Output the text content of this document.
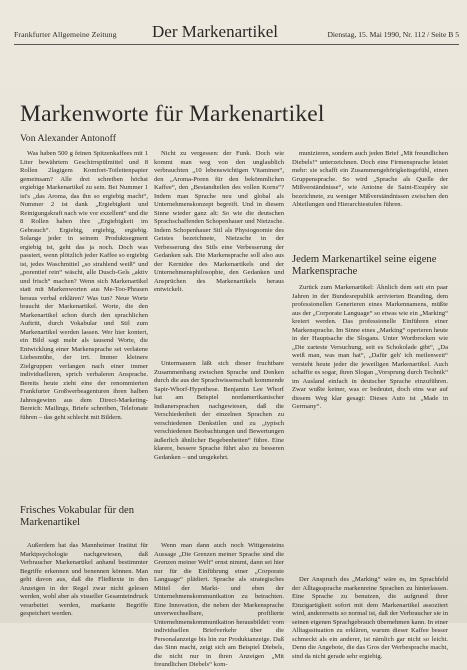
Frankfurter Allgemeine Zeitung Der Markenartikel	Dienstag, 15. Mai 1990, Nr. 112 / Seite B 5
Markenworte für Markenartikel
Von Alexander Antonoff

Was haben 500 g feinen Spitzenkaffees mit 1 Liter bewährtem Geschirrspülmittel und 8 Rollen 2lagigem Komfort-Toilettenpapier gemeinsam? Alle drei schreiben höchst ergiebige Markenartikel zu sein. Bei Nummer 1 ist's „das Aroma, das ihn so ergiebig macht“, Nummer 2 ist dank „Ergiebigkeit und Reinigungskraft nach wie vor exzellent“ und die 8 Rollen haben ihre „Ergiebigkeit im Gebrauch“. Ergiebig, ergiebig, ergiebig. Solange jeder in seinem Produktsegment ergiebig ist, geht das ja noch. Doch was passiert, wenn plötzlich jeder Kaffee so ergiebig ist, jedes Waschmittel „so strahlend weiß“ und „porentief rein“ wäscht, alle Dusch-Gels „aktiv und frisch“ machen? Wenn sich Markenartikel statt mit Markenworten aus Me-Too-Phrasen heraus verbal erklären? Was tun? Neue Worte braucht der Markenartikel. Worte, die den Markenartikel schon durch den sprachlichen Auftritt, durch Vokabular und Stil zum Markenartikel werden lassen. Wer hier kontert, ein Bild sagt mehr als tausend Worte, die Entwicklung einer Markensprache sei verlatene Liebesmühe, der irrt. Immer kleinere Zielgruppen verlangen nach einer immer individuelleren, sprich verbaleren Ansprache. Bereits heute zieht eine der renommierten Frankfurter Großwerbeagenturen ihren halben Jahresgewinn aus dem Direct-Marketing-Bereich: Mailings, Briefe schreiben, Telefonate führen – das geht schlecht mit Bildern.

Frisches Vokabular für den Markenartikel

Außerdem hat das Mannheimer Institut für Marktpsychologie nachgewiesen, daß Verbraucher Markenartikel anhand bestimmter Begriffe erkennen und benennen können. Man geht davon aus, daß die Fließtexte in den Anzeigen in der Regel zwar nicht gelesen werden, wohl aber als visueller Gesamteindruck verarbeitet werden, markante Begriffe gespeichert werden.

Nicht zu vergessen: der Funk. Doch wie kommt man weg von den unglaublich verbrauchten „10 lebenswichtigen Vitaminen“, den „Aroma-Poren für den bekömmlichen Kaffee“, den „Bestandteilen des vollen Korns“? Indem man Sprache neu und global als Unternehmenskonzept begreift. Und in diesem Sinne wieder ganz alt: So wie die deutschen Sprachschaffenden Schopenhauer und Nietzsche. Indem Schopenhauer Stil als Physiognomie des Geistes bezeichnete, Nietzsche in der Verbesserung des Stils eine Verbesserung der Gedanken sah. Die Markensprache soll also aus der Kernidee des Markenartikels und der Unternehmensphilosophie, den Gedanken und Ansprüchen des Markenartikels heraus entwickelt.

Untermauern läßt sich dieser fruchtbare Zusammenhang zwischen Sprache und Denken durch die aus der Sprachwissenschaft kommende Sapir-Whorf-Hypothese. Benjamin Lee Whorf hat am Beispiel nordamerikanischer Indianersprachen nachgewiesen, daß die Verschiedenheit der einzelnen Sprachen zu verschiedenen Denkstilen und zu „typisch verschiedenen Beobachtungen und Bewertungen äußerlich ähnlicher Begebenheiten“ führe. Eine klarere, bessere Sprache führt also zu besseren Gedanken – und umgekehrt.

Wenn man dann auch noch Wittgensteins Aussage „Die Grenzen meiner Sprache sind die Grenzen meiner Welt“ ernst nimmt, dann sei hier nur für die Einführung einer „Corporate Language“ plädiert. Sprache als strategisches Mittel der Markt- und eben der Unternehmenskommunikation zu betrachten. Eine Innovation, die neben der Markensprache unverwechselbare, profilierte Unternehmenskommunikation herausbildet: vom individuellen Briefverkehr über die Personalanzeige bis hin zur Produktanzeige. Daß das Sinn macht, zeigt sich am Beispiel Diebels, die nicht nur in ihren Anzeigen „Mit freundlichen Diebels“ kom-

munizieren, sondern auch jeden Brief „Mit freundlichen Diebels!“ unterzeichnen. Doch eine Firmensprache leistet mehr: sie schafft ein Zusammengehörigkeitsgefühl, einen Gruppensprache. So wird „Sprache als Quelle der Mißverständnisse“, wie Antoine de Saint-Exupéry sie bezeichnete, zu weniger Mißverständnissen zwischen den Abteilungen und Hierarchiestufen führen.

Jedem Markenartikel seine eigene Markensprache

Zurück zum Markenartikel: Ähnlich dem seit ein paar Jahren in der Bundesrepublik arrivierten Branding, dem professionellen Generieren eines Markennamens, müßte aus der „Corporate Language“ so etwas wie ein „Marking“ kreiert werden. Das professionelle Einführen einer Markensprache. Im Sinne eines „Marking“ operieren heute in der Hauptsache die Slogans. Unter Wortbrocken wie „Die zarteste Versuchung, seit es Schokolade gibt“, „Da weiß man, was man hat“, „Dafür geh' ich meilenweit“ versteht heute jeder die jeweiligen Markenartikel. Auch schaffte es sogar, ihren Slogan „Vorsprung durch Technik“ im Ausland einfach in deutscher Sprache einzuführen. Zwar wußte keiner, was er bedeutet, doch eins war auf diesem Weg klar gesagt: Dieses Auto ist „Made in Germany“.

Der Anspruch des „Marking“ wäre es, im Sprachfeld der Alltagssprache markenreine Sprachen zu hinterlassen. Eine Sprache zu benutzen, die aufgrund ihrer Einzigartigkeit sofort mit dem Markenartikel assoziiert wird, andererseits so normal ist, daß der Verbraucher sie in seinen eigenen Sprachgebrauch übernehmen kann. In einer Alltagssituation zu erklären, warum dieser Kaffee besser schmeckt als ein anderer, ist nämlich gar nicht so leicht. Denn die Angebote, die das Gros der Werbesprache macht, sind da nicht gerade sehr ergiebig.
